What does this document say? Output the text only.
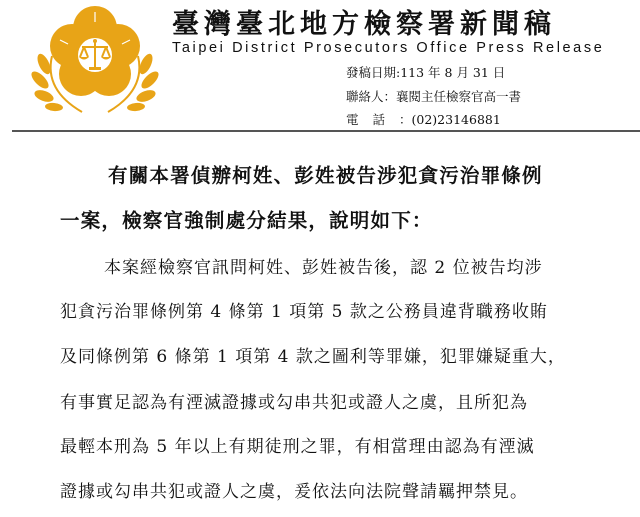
臺灣臺北地方檢察署新聞稿
Taipei District Prosecutors Office Press Release
發稿日期:113 年 8 月 31 日
聯絡人：襄閱主任檢察官高一書
電話：(02)23146881
有關本署偵辦柯姓、彭姓被告涉犯貪污治罪條例
一案，檢察官強制處分結果，說明如下：
本案經檢察官訊問柯姓、彭姓被告後，認 2 位被告均涉
犯貪污治罪條例第 4 條第 1 項第 5 款之公務員違背職務收賄
及同條例第 6 條第 1 項第 4 款之圖利等罪嫌，犯罪嫌疑重大，
有事實足認為有湮滅證據或勾串共犯或證人之虞，且所犯為
最輕本刑為 5 年以上有期徒刑之罪，有相當理由認為有湮滅
證據或勾串共犯或證人之虞，爰依法向法院聲請羈押禁見。
